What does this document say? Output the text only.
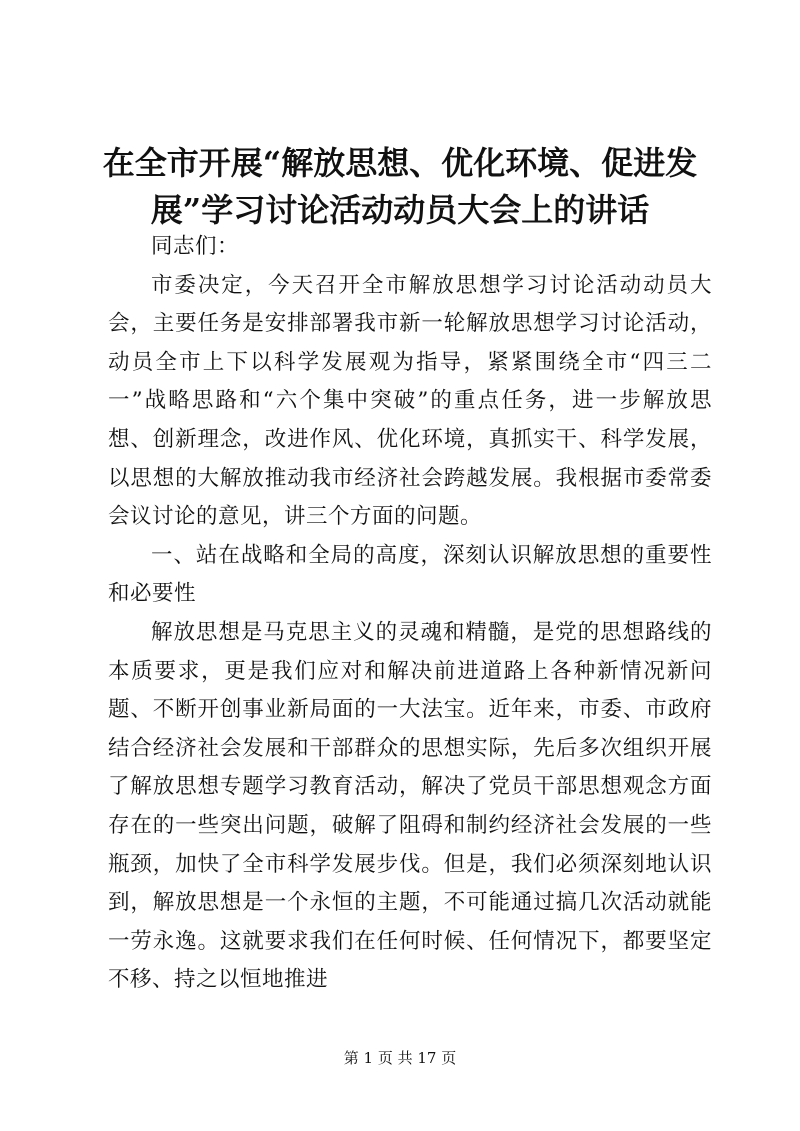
在全市开展“解放思想、优化环境、促进发展”学习讨论活动动员大会上的讲话

同志们：

市委决定，今天召开全市解放思想学习讨论活动动员大会，主要任务是安排部署我市新一轮解放思想学习讨论活动，动员全市上下以科学发展观为指导，紧紧围绕全市“四三二一”战略思路和“六个集中突破”的重点任务，进一步解放思想、创新理念，改进作风、优化环境，真抓实干、科学发展，以思想的大解放推动我市经济社会跨越发展。我根据市委常委会议讨论的意见，讲三个方面的问题。

一、站在战略和全局的高度，深刻认识解放思想的重要性和必要性

解放思想是马克思主义的灵魂和精髓，是党的思想路线的本质要求，更是我们应对和解决前进道路上各种新情况新问题、不断开创事业新局面的一大法宝。近年来，市委、市政府结合经济社会发展和干部群众的思想实际，先后多次组织开展了解放思想专题学习教育活动，解决了党员干部思想观念方面存在的一些突出问题，破解了阻碍和制约经济社会发展的一些瓶颈，加快了全市科学发展步伐。但是，我们必须深刻地认识到，解放思想是一个永恒的主题，不可能通过搞几次活动就能一劳永逸。这就要求我们在任何时候、任何情况下，都要坚定不移、持之以恒地推进

第 1 页 共 17 页
